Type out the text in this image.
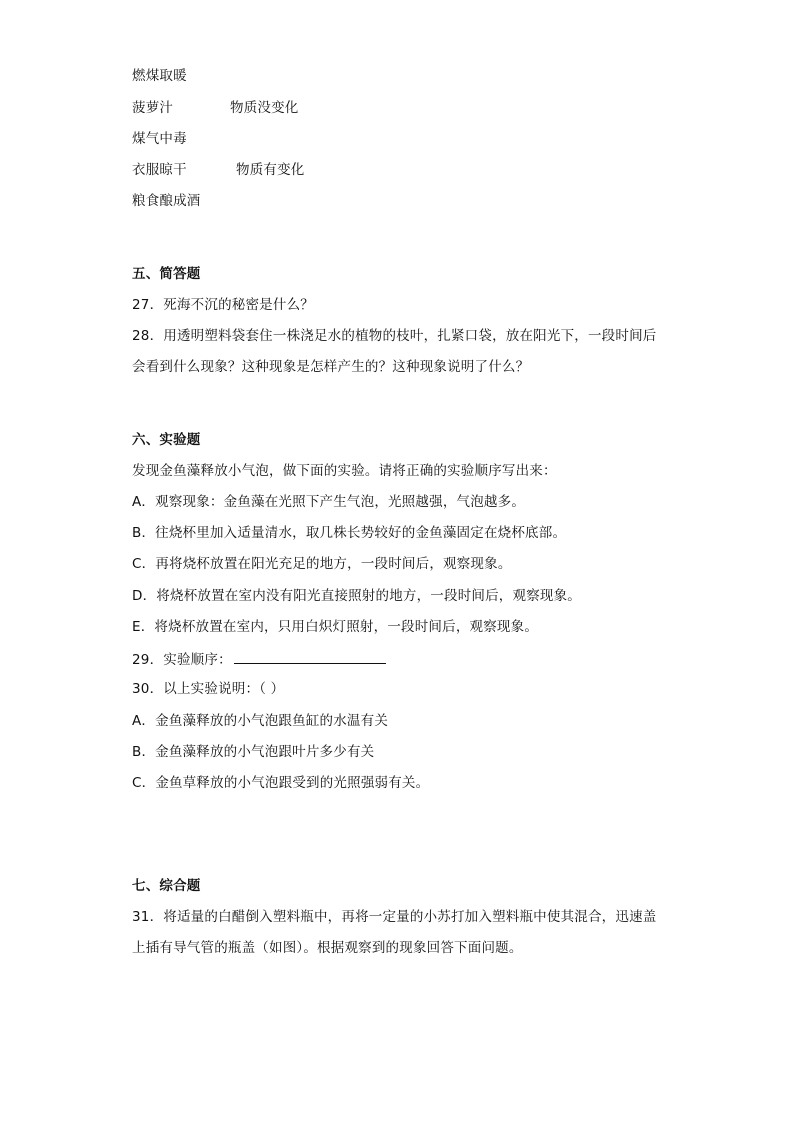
燃煤取暖
菠萝汁	物质没变化
煤气中毒
衣服晾干	物质有变化
粮食酿成酒
五、简答题
27．死海不沉的秘密是什么？
28．用透明塑料袋套住一株浇足水的植物的枝叶，扎紧口袋，放在阳光下，一段时间后
会看到什么现象？这种现象是怎样产生的？这种现象说明了什么？
六、实验题
发现金鱼藻释放小气泡，做下面的实验。请将正确的实验顺序写出来：
A．观察现象：金鱼藻在光照下产生气泡，光照越强，气泡越多。
B．往烧杯里加入适量清水，取几株长势较好的金鱼藻固定在烧杯底部。
C．再将烧杯放置在阳光充足的地方，一段时间后，观察现象。
D．将烧杯放置在室内没有阳光直接照射的地方，一段时间后，观察现象。
E．将烧杯放置在室内，只用白炽灯照射，一段时间后，观察现象。
29．实验顺序：
30．以上实验说明：（ ）
A．金鱼藻释放的小气泡跟鱼缸的水温有关
B．金鱼藻释放的小气泡跟叶片多少有关
C．金鱼草释放的小气泡跟受到的光照强弱有关。
七、综合题
31．将适量的白醋倒入塑料瓶中，再将一定量的小苏打加入塑料瓶中使其混合，迅速盖
上插有导气管的瓶盖（如图）。根据观察到的现象回答下面问题。
